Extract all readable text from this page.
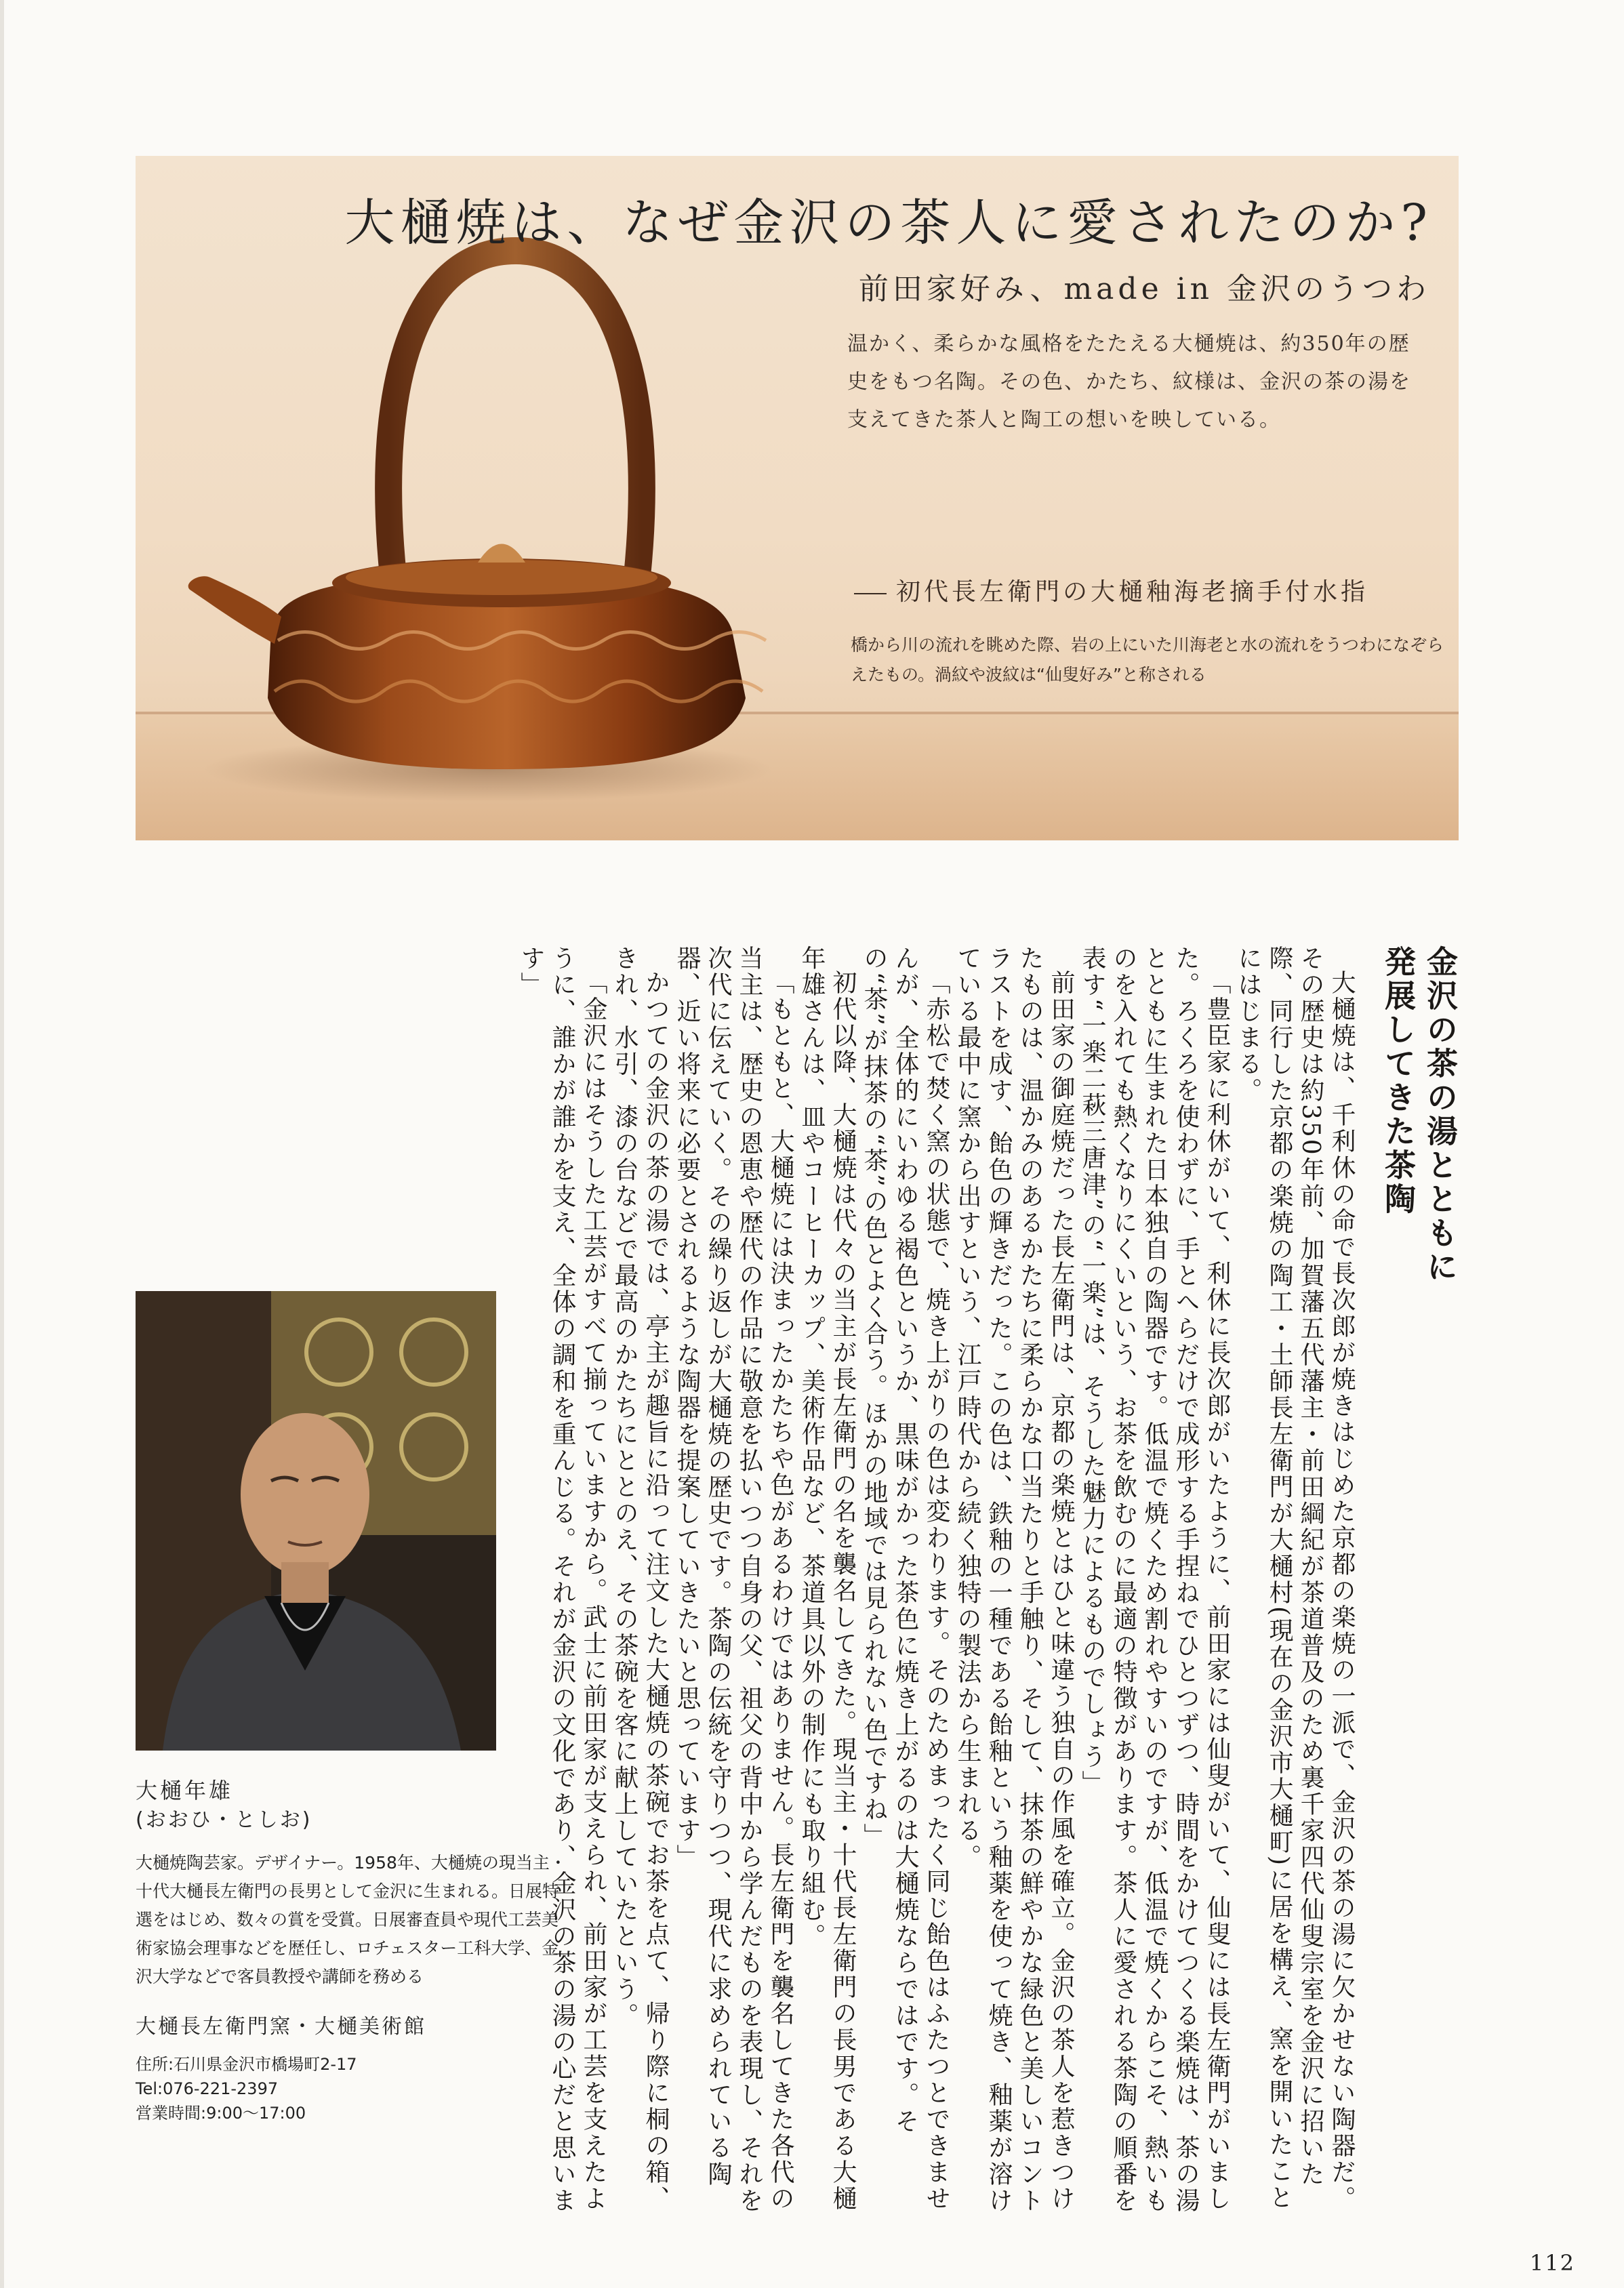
大樋焼は、なぜ金沢の茶人に愛されたのか?
前田家好み、made in 金沢のうつわ
温かく、柔らかな風格をたたえる大樋焼は、約350年の歴史をもつ名陶。その色、かたち、紋様は、金沢の茶の湯を支えてきた茶人と陶工の想いを映している。
初代長左衛門の大樋釉海老摘手付水指
橋から川の流れを眺めた際、岩の上にいた川海老と水の流れをうつわになぞらえたもの。渦紋や波紋は“仙叟好み”と称される

金沢の茶の湯とともに
発展してきた茶陶

大樋焼は、千利休の命で長次郎が焼きはじめた京都の楽焼の一派で、金沢の茶の湯に欠かせない陶器だ。その歴史は約350年前、加賀藩五代藩主・前田綱紀が茶道普及のため裏千家四代仙叟宗室を金沢に招いた際、同行した京都の楽焼の陶工・土師長左衛門が大樋村(現在の金沢市大樋町)に居を構え、窯を開いたことにはじまる。

「豊臣家に利休がいて、利休に長次郎がいたように、前田家には仙叟がいて、仙叟には長左衛門がいました。ろくろを使わずに、手とへらだけで成形する手捏ねでひとつずつ、時間をかけてつくる楽焼は、茶の湯とともに生まれた日本独自の陶器です。低温で焼くため割れやすいのですが、低温で焼くからこそ、熱いものを入れても熱くなりにくいという、お茶を飲むのに最適の特徴があります。茶人に愛される茶陶の順番を表す“一楽二萩三唐津”の“一楽”は、そうした魅力によるものでしょう」

前田家の御庭焼だった長左衛門は、京都の楽焼とはひと味違う独自の作風を確立。金沢の茶人を惹きつけたものは、温かみのあるかたちに柔らかな口当たりと手触り、そして、抹茶の鮮やかな緑色と美しいコントラストを成す、飴色の輝きだった。この色は、鉄釉の一種である飴釉という釉薬を使って焼き、釉薬が溶けている最中に窯から出すという、江戸時代から続く独特の製法から生まれる。

「赤松で焚く窯の状態で、焼き上がりの色は変わります。そのためまったく同じ飴色はふたつとできませんが、全体的にいわゆる褐色というか、黒味がかった茶色に焼き上がるのは大樋焼ならではです。その“茶”が抹茶の“茶”の色とよく合う。ほかの地域では見られない色ですね」

初代以降、大樋焼は代々の当主が長左衛門の名を襲名してきた。現当主・十代長左衛門の長男である大樋年雄さんは、皿やコーヒーカップ、美術作品など、茶道具以外の制作にも取り組む。

「もともと、大樋焼には決まったかたちや色があるわけではありません。長左衛門を襲名してきた各代の当主は、歴史の恩恵や歴代の作品に敬意を払いつつ自身の父、祖父の背中から学んだものを表現し、それを次代に伝えていく。その繰り返しが大樋焼の歴史です。茶陶の伝統を守りつつ、現代に求められている陶器、近い将来に必要とされるような陶器を提案していきたいと思っています」

かつての金沢の茶の湯では、亭主が趣旨に沿って注文した大樋焼の茶碗でお茶を点て、帰り際に桐の箱、きれ、水引、漆の台などで最高のかたちにととのえ、その茶碗を客に献上していたという。

「金沢にはそうした工芸がすべて揃っていますから。武士に前田家が支えられ、前田家が工芸を支えたように、誰かが誰かを支え、全体の調和を重んじる。それが金沢の文化であり、金沢の茶の湯の心だと思います」

大樋年雄
(おおひ・としお)
大樋焼陶芸家。デザイナー。1958年、大樋焼の現当主・十代大樋長左衛門の長男として金沢に生まれる。日展特選をはじめ、数々の賞を受賞。日展審査員や現代工芸美術家協会理事などを歴任し、ロチェスター工科大学、金沢大学などで客員教授や講師を務める
大樋長左衛門窯・大樋美術館
住所:石川県金沢市橋場町2-17
Tel:076-221-2397
営業時間:9:00〜17:00
112
